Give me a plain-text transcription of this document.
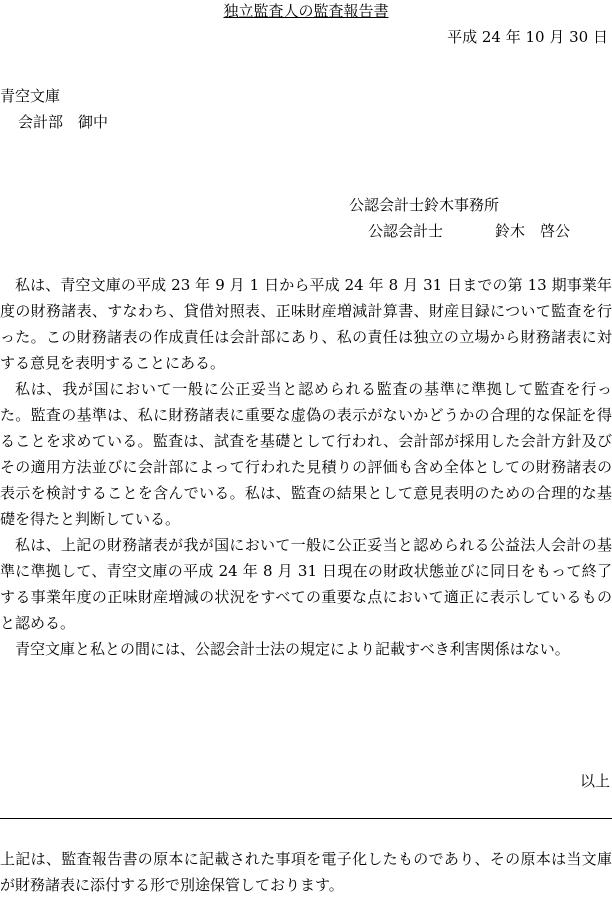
独立監査人の監査報告書
平成 24 年 10 月 30 日
青空文庫
会計部　御中
公認会計士鈴木事務所
公認会計士	鈴木　啓公

私は、青空文庫の平成 23 年 9 月 1 日から平成 24 年 8 月 31 日までの第 13 期事業年度の財務諸表、すなわち、貸借対照表、正味財産増減計算書、財産目録について監査を行った。この財務諸表の作成責任は会計部にあり、私の責任は独立の立場から財務諸表に対する意見を表明することにある。

私は、我が国において一般に公正妥当と認められる監査の基準に準拠して監査を行った。監査の基準は、私に財務諸表に重要な虚偽の表示がないかどうかの合理的な保証を得ることを求めている。監査は、試査を基礎として行われ、会計部が採用した会計方針及びその適用方法並びに会計部によって行われた見積りの評価も含め全体としての財務諸表の表示を検討することを含んでいる。私は、監査の結果として意見表明のための合理的な基礎を得たと判断している。

私は、上記の財務諸表が我が国において一般に公正妥当と認められる公益法人会計の基準に準拠して、青空文庫の平成 24 年 8 月 31 日現在の財政状態並びに同日をもって終了する事業年度の正味財産増減の状況をすべての重要な点において適正に表示しているものと認める。

青空文庫と私との間には、公認会計士法の規定により記載すべき利害関係はない。

以上
上記は、監査報告書の原本に記載された事項を電子化したものであり、その原本は当文庫が財務諸表に添付する形で別途保管しております。
